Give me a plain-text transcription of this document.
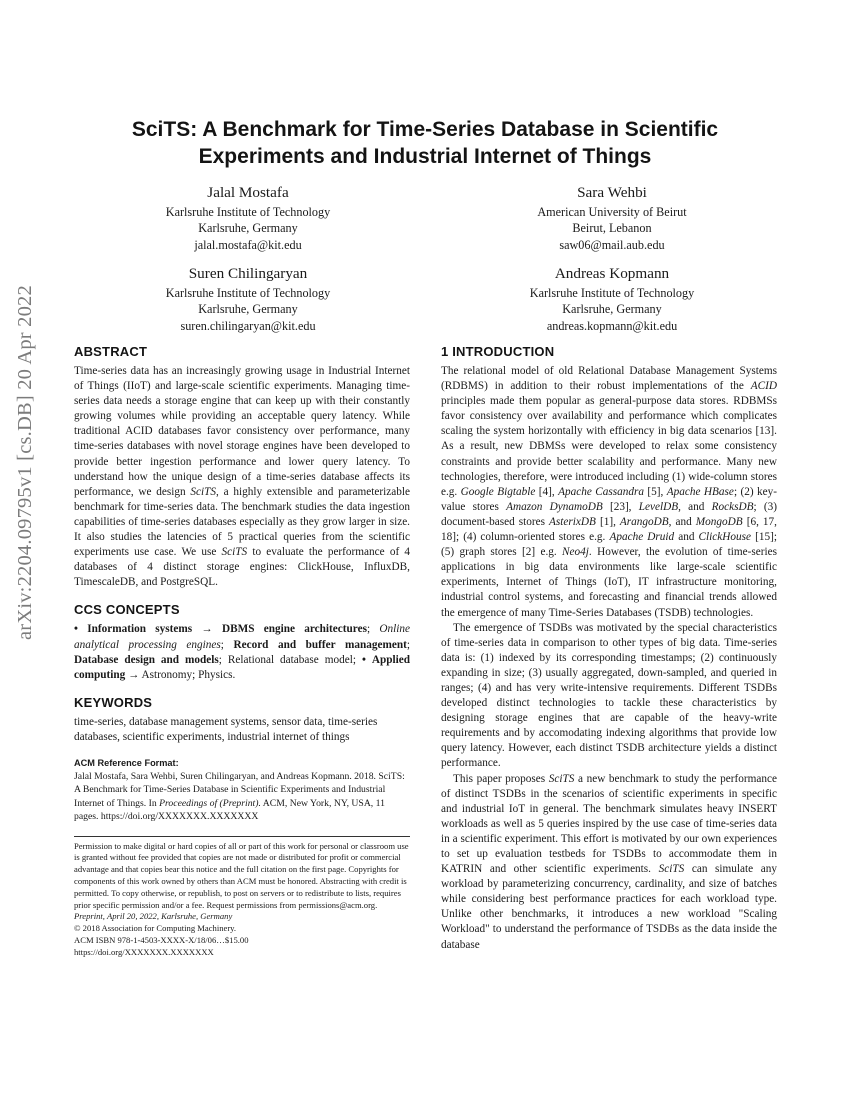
arXiv:2204.09795v1 [cs.DB] 20 Apr 2022
SciTS: A Benchmark for Time-Series Database in Scientific
Experiments and Industrial Internet of Things
Jalal Mostafa
Karlsruhe Institute of Technology
Karlsruhe, Germany
jalal.mostafa@kit.edu
Sara Wehbi
American University of Beirut
Beirut, Lebanon
saw06@mail.aub.edu
Suren Chilingaryan
Karlsruhe Institute of Technology
Karlsruhe, Germany
suren.chilingaryan@kit.edu
Andreas Kopmann
Karlsruhe Institute of Technology
Karlsruhe, Germany
andreas.kopmann@kit.edu
ABSTRACT
Time-series data has an increasingly growing usage in Industrial Internet of Things (IIoT) and large-scale scientific experiments. Managing time-series data needs a storage engine that can keep up with their constantly growing volumes while providing an acceptable query latency. While traditional ACID databases favor consistency over performance, many time-series databases with novel storage engines have been developed to provide better ingestion performance and lower query latency. To understand how the unique design of a time-series database affects its performance, we design SciTS, a highly extensible and parameterizable benchmark for time-series data. The benchmark studies the data ingestion capabilities of time-series databases especially as they grow larger in size. It also studies the latencies of 5 practical queries from the scientific experiments use case. We use SciTS to evaluate the performance of 4 databases of 4 distinct storage engines: ClickHouse, InfluxDB, TimescaleDB, and PostgreSQL.
CCS CONCEPTS
• Information systems → DBMS engine architectures; Online analytical processing engines; Record and buffer management; Database design and models; Relational database model; • Applied computing → Astronomy; Physics.
KEYWORDS
time-series, database management systems, sensor data, time-series databases, scientific experiments, industrial internet of things
ACM Reference Format:
Jalal Mostafa, Sara Wehbi, Suren Chilingaryan, and Andreas Kopmann. 2018. SciTS: A Benchmark for Time-Series Database in Scientific Experiments and Industrial Internet of Things. In Proceedings of (Preprint). ACM, New York, NY, USA, 11 pages. https://doi.org/XXXXXXX.XXXXXXX
Permission to make digital or hard copies of all or part of this work for personal or classroom use is granted without fee provided that copies are not made or distributed for profit or commercial advantage and that copies bear this notice and the full citation on the first page. Copyrights for components of this work owned by others than ACM must be honored. Abstracting with credit is permitted. To copy otherwise, or republish, to post on servers or to redistribute to lists, requires prior specific permission and/or a fee. Request permissions from permissions@acm.org.
Preprint, April 20, 2022, Karlsruhe, Germany
© 2018 Association for Computing Machinery.
ACM ISBN 978-1-4503-XXXX-X/18/06…$15.00
https://doi.org/XXXXXXX.XXXXXXX
1 INTRODUCTION
The relational model of old Relational Database Management Systems (RDBMS) in addition to their robust implementations of the ACID principles made them popular as general-purpose data stores. RDBMSs favor consistency over availability and performance which complicates scaling the system horizontally with efficiency in big data scenarios [13]. As a result, new DBMSs were developed to relax some consistency constraints and provide better scalability and performance. Many new technologies, therefore, were introduced including (1) wide-column stores e.g. Google Bigtable [4], Apache Cassandra [5], Apache HBase; (2) key-value stores Amazon DynamoDB [23], LevelDB, and RocksDB; (3) document-based stores AsterixDB [1], ArangoDB, and MongoDB [6, 17, 18]; (4) column-oriented stores e.g. Apache Druid and ClickHouse [15]; (5) graph stores [2] e.g. Neo4j. However, the evolution of time-series applications in big data environments like large-scale scientific experiments, Internet of Things (IoT), IT infrastructure monitoring, industrial control systems, and forecasting and financial trends allowed the emergence of many Time-Series Databases (TSDB) technologies.
The emergence of TSDBs was motivated by the special characteristics of time-series data in comparison to other types of big data. Time-series data is: (1) indexed by its corresponding timestamps; (2) continuously expanding in size; (3) usually aggregated, down-sampled, and queried in ranges; (4) and has very write-intensive requirements. Different TSDBs developed distinct technologies to tackle these characteristics by designing storage engines that are capable of the heavy-write requirements and by accomodating indexing algorithms that provide low query latency. However, each distinct TSDB architecture yields a distinct performance.
This paper proposes SciTS a new benchmark to study the performance of distinct TSDBs in the scenarios of scientific experiments in specific and industrial IoT in general. The benchmark simulates heavy INSERT workloads as well as 5 queries inspired by the use case of time-series data in a scientific experiment. This effort is motivated by our own experiences to set up evaluation testbeds for TSDBs to accommodate them in KATRIN and other scientific experiments. SciTS can simulate any workload by parameterizing concurrency, cardinality, and size of batches while considering best performance practices for each workload type. Unlike other benchmarks, it introduces a new workload "Scaling Workload" to understand the performance of TSDBs as the data inside the database
